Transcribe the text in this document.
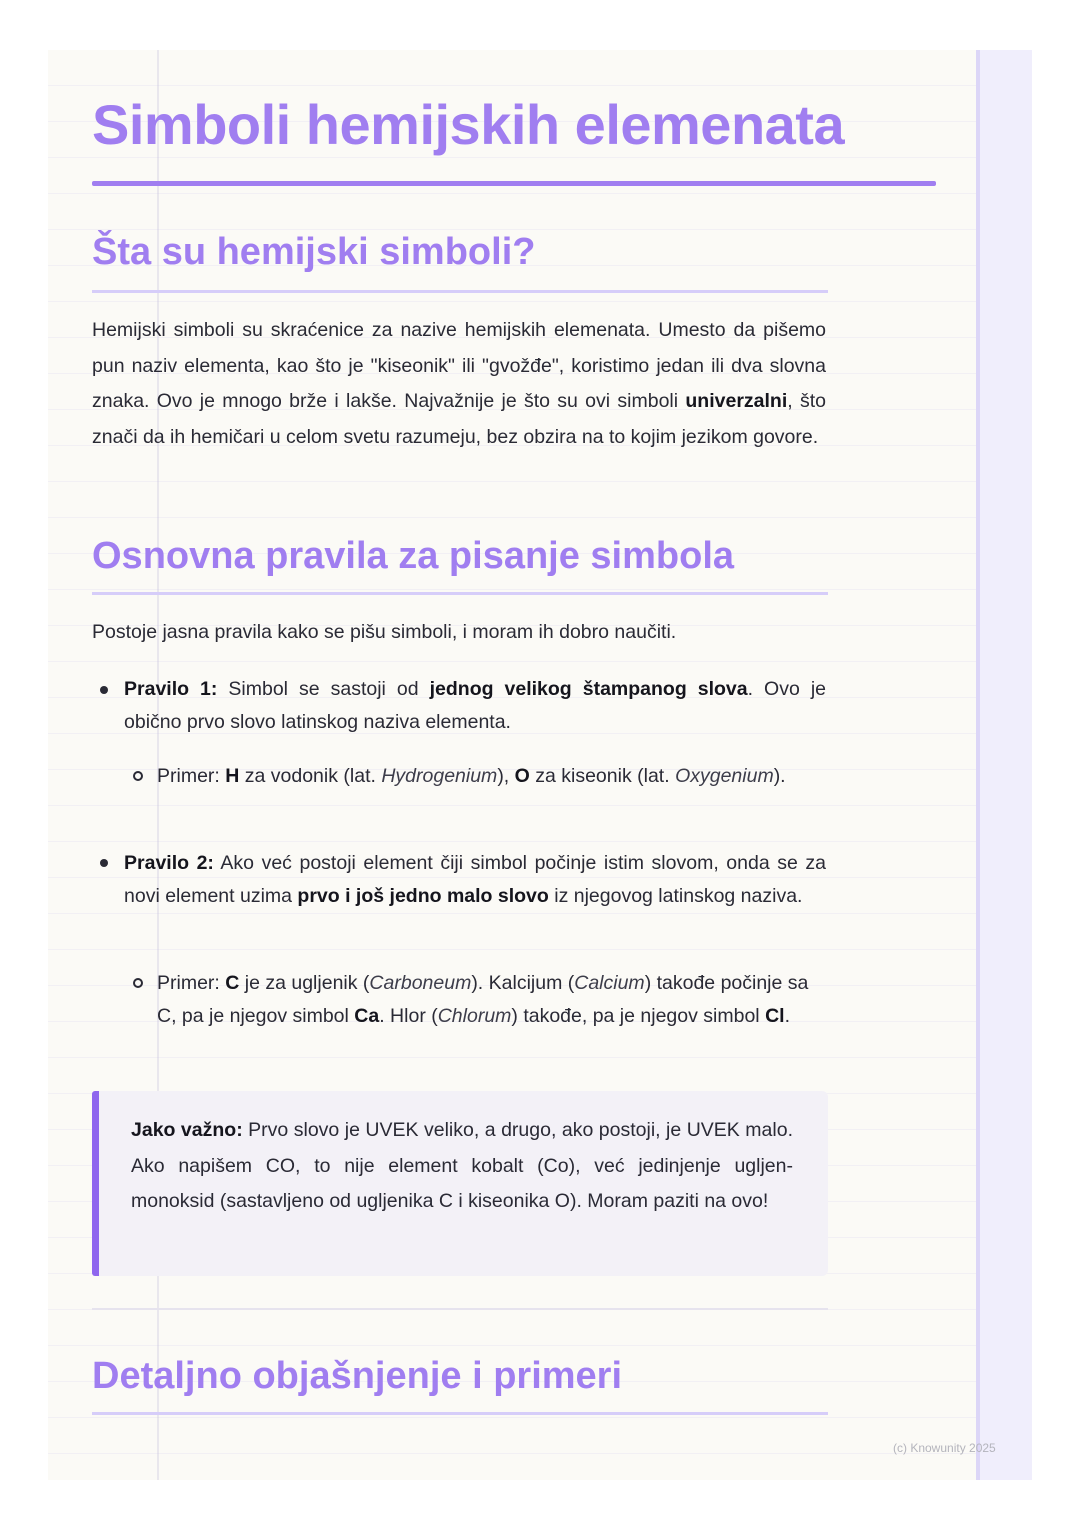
Simboli hemijskih elemenata
Šta su hemijski simboli?

Hemijski simboli su skraćenice za nazive hemijskih elemenata. Umesto da pišemo pun naziv elementa, kao što je "kiseonik" ili "gvožđe", koristimo jedan ili dva slovna znaka. Ovo je mnogo brže i lakše. Najvažnije je što su ovi simboli univerzalni, što znači da ih hemičari u celom svetu razumeju, bez obzira na to kojim jezikom govore.

Osnovna pravila za pisanje simbola

Postoje jasna pravila kako se pišu simboli, i moram ih dobro naučiti.

Pravilo 1: Simbol se sastoji od jednog velikog štampanog slova. Ovo je obično prvo slovo latinskog naziva elementa.

Primer: H za vodonik (lat. Hydrogenium), O za kiseonik (lat. Oxygenium).

Pravilo 2: Ako već postoji element čiji simbol počinje istim slovom, onda se za novi element uzima prvo i još jedno malo slovo iz njegovog latinskog naziva.

Primer: C je za ugljenik (Carboneum). Kalcijum (Calcium) takođe počinje sa C, pa je njegov simbol Ca. Hlor (Chlorum) takođe, pa je njegov simbol Cl.

Jako važno: Prvo slovo je UVEK veliko, a drugo, ako postoji, je UVEK malo. Ako napišem CO, to nije element kobalt (Co), već jedinjenje ugljen-monoksid (sastavljeno od ugljenika C i kiseonika O). Moram paziti na ovo!

Detaljno objašnjenje i primeri
(c) Knowunity 2025
